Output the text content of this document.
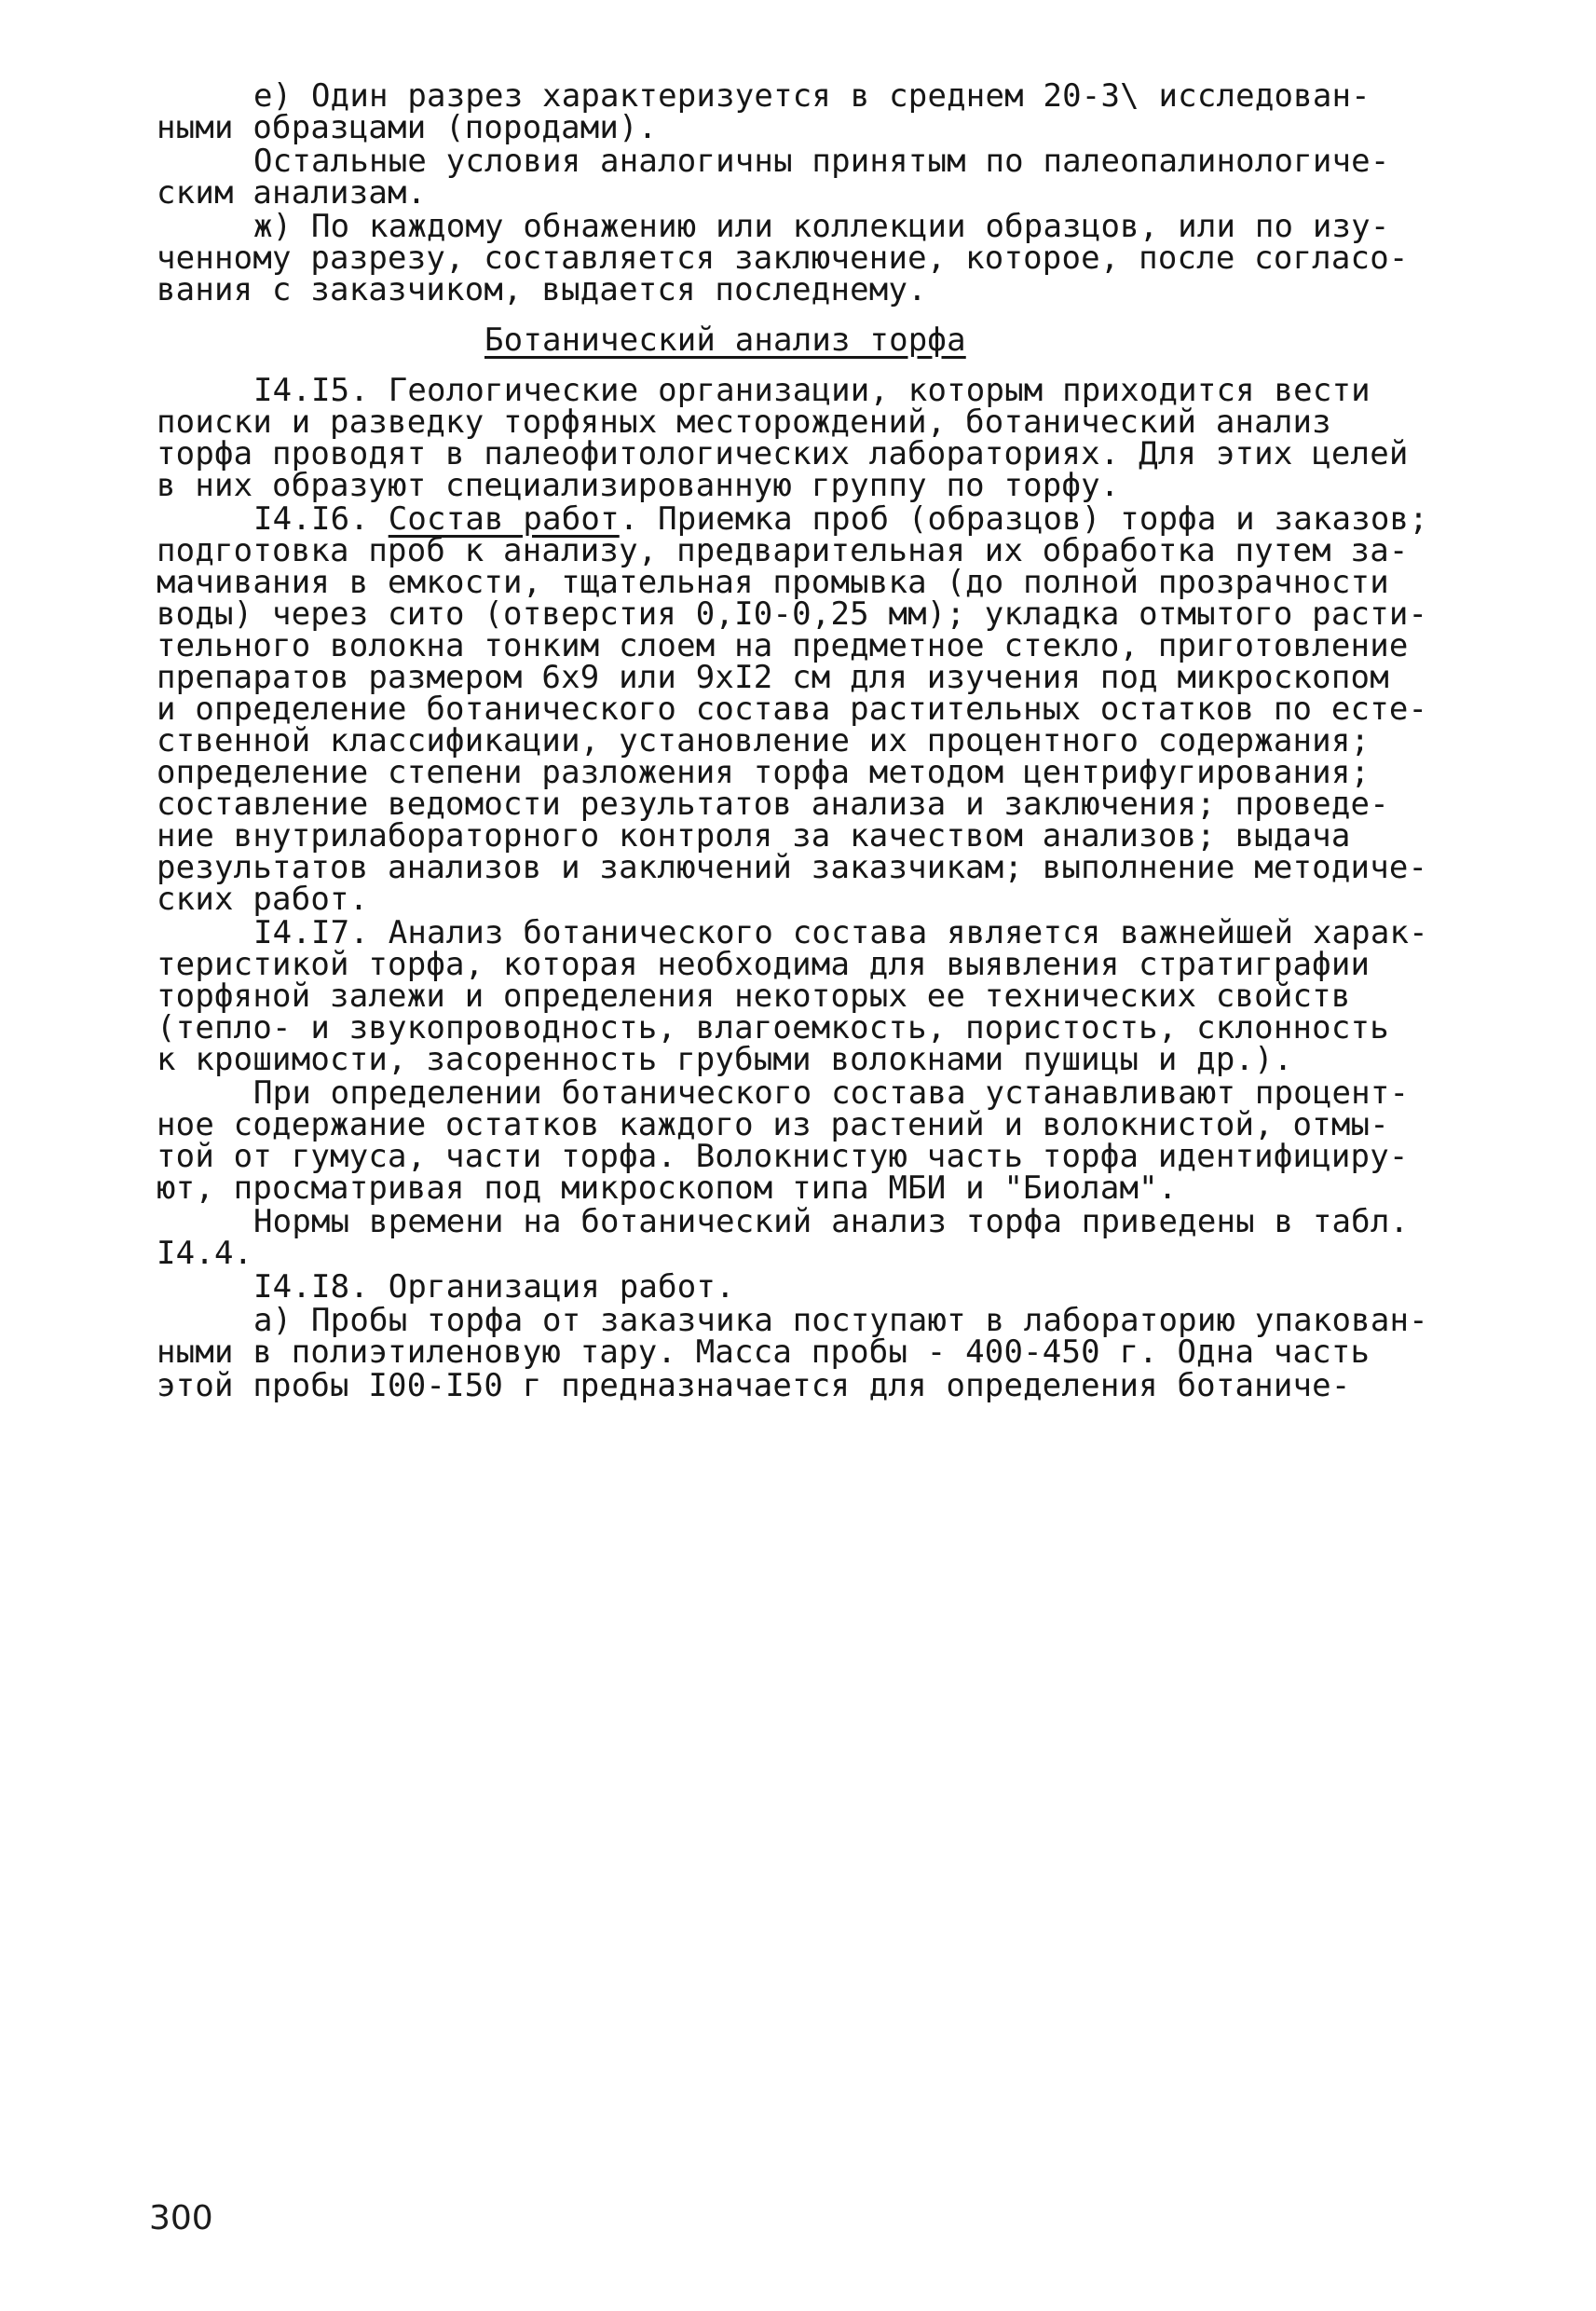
е) Один разрез характеризуется в среднем 20-3\ исследован-
ными образцами (породами).
Остальные условия аналогичны принятым по палеопалинологиче-
ским анализам.
ж) По каждому обнажению или коллекции образцов, или по изу-
ченному разрезу, составляется заключение, которое, после согласо-
вания с заказчиком, выдается последнему.
Ботанический анализ торфа
I4.I5. Геологические организации, которым приходится вести
поиски и разведку торфяных месторождений, ботанический анализ
торфа проводят в палеофитологических лабораториях. Для этих целей
в них образуют специализированную группу по торфу.
I4.I6. Состав работ. Приемка проб (образцов) торфа и заказов;
подготовка проб к анализу, предварительная их обработка путем за-
мачивания в емкости, тщательная промывка (до полной прозрачности
воды) через сито (отверстия 0,I0-0,25 мм); укладка отмытого расти-
тельного волокна тонким слоем на предметное стекло, приготовление
препаратов размером 6х9 или 9хI2 см для изучения под микроскопом
и определение ботанического состава растительных остатков по есте-
ственной классификации, установление их процентного содержания;
определение степени разложения торфа методом центрифугирования;
составление ведомости результатов анализа и заключения; проведе-
ние внутрилабораторного контроля за качеством анализов; выдача
результатов анализов и заключений заказчикам; выполнение методиче-
ских работ.
I4.I7. Анализ ботанического состава является важнейшей харак-
теристикой торфа, которая необходима для выявления стратиграфии
торфяной залежи и определения некоторых ее технических свойств
(тепло- и звукопроводность, влагоемкость, пористость, склонность
к крошимости, засоренность грубыми волокнами пушицы и др.).
При определении ботанического состава устанавливают процент-
ное содержание остатков каждого из растений и волокнистой, отмы-
той от гумуса, части торфа. Волокнистую часть торфа идентифициру-
ют, просматривая под микроскопом типа МБИ и "Биолам".
Нормы времени на ботанический анализ торфа приведены в табл.
I4.4.
I4.I8. Организация работ.
а) Пробы торфа от заказчика поступают в лабораторию упакован-
ными в полиэтиленовую тару. Масса пробы - 400-450 г. Одна часть
этой пробы I00-I50 г предназначается для определения ботаниче-
300
